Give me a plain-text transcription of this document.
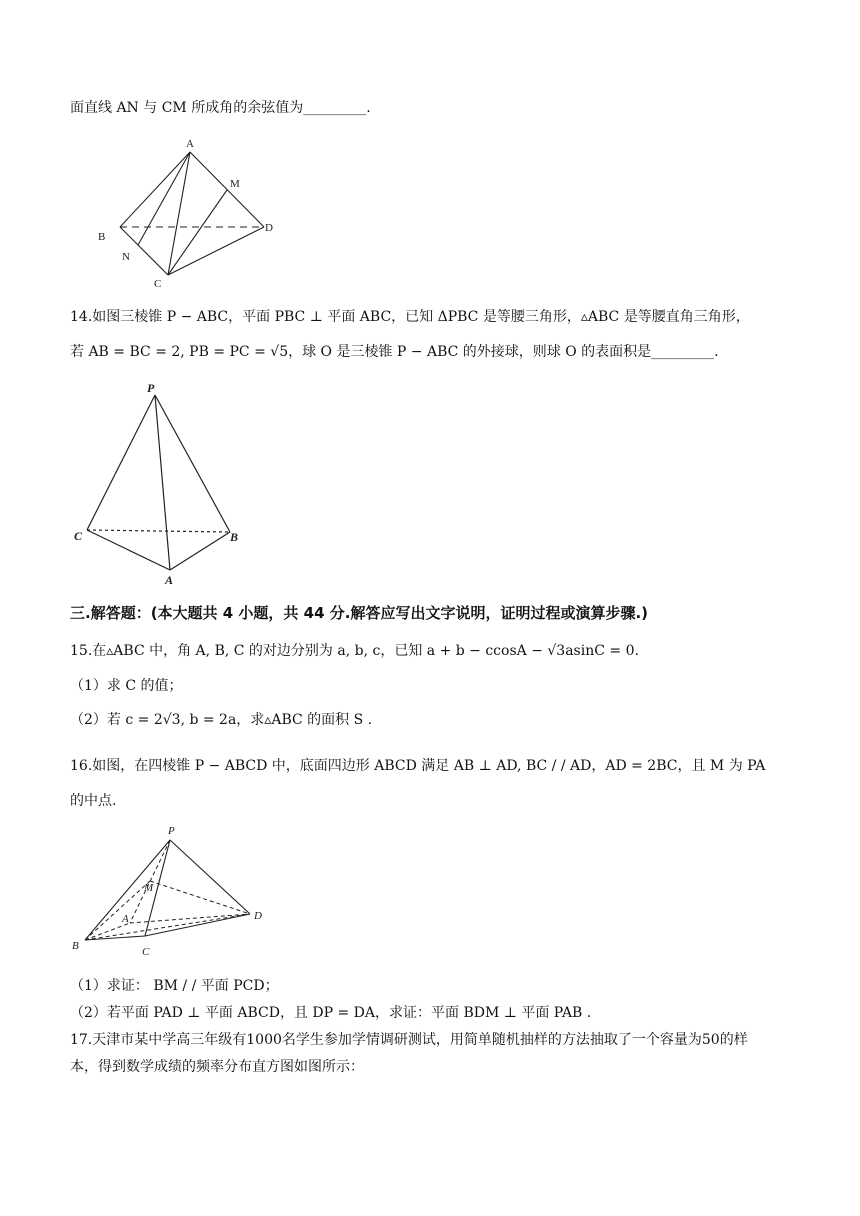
面直线 AN 与 CM 所成角的余弦值为_________.
A
M
B
D
N
C
14.如图三棱锥 P − ABC，平面 PBC ⊥ 平面 ABC，已知 ΔPBC 是等腰三角形，▵ABC 是等腰直角三角形，
若 AB = BC = 2, PB = PC = √5，球 O 是三棱锥 P − ABC 的外接球，则球 O 的表面积是_________.
P
C	B
A
三.解答题：(本大题共 4 小题，共 44 分.解答应写出文字说明，证明过程或演算步骤.)
15.在▵ABC 中，角 A, B, C 的对边分别为 a, b, c，已知 a + b − ccosA − √3asinC = 0.
（1）求 C 的值；
（2）若 c = 2√3, b = 2a，求▵ABC 的面积 S .
16.如图，在四棱锥 P − ABCD 中，底面四边形 ABCD 满足 AB ⊥ AD, BC / / AD，AD = 2BC，且 M 为 PA
的中点.
P
M
A	D
B	C
（1）求证： BM / / 平面 PCD；
（2）若平面 PAD ⊥ 平面 ABCD，且 DP = DA，求证：平面 BDM ⊥ 平面 PAB .
17.天津市某中学高三年级有1000名学生参加学情调研测试，用简单随机抽样的方法抽取了一个容量为50的样
本，得到数学成绩的频率分布直方图如图所示：
